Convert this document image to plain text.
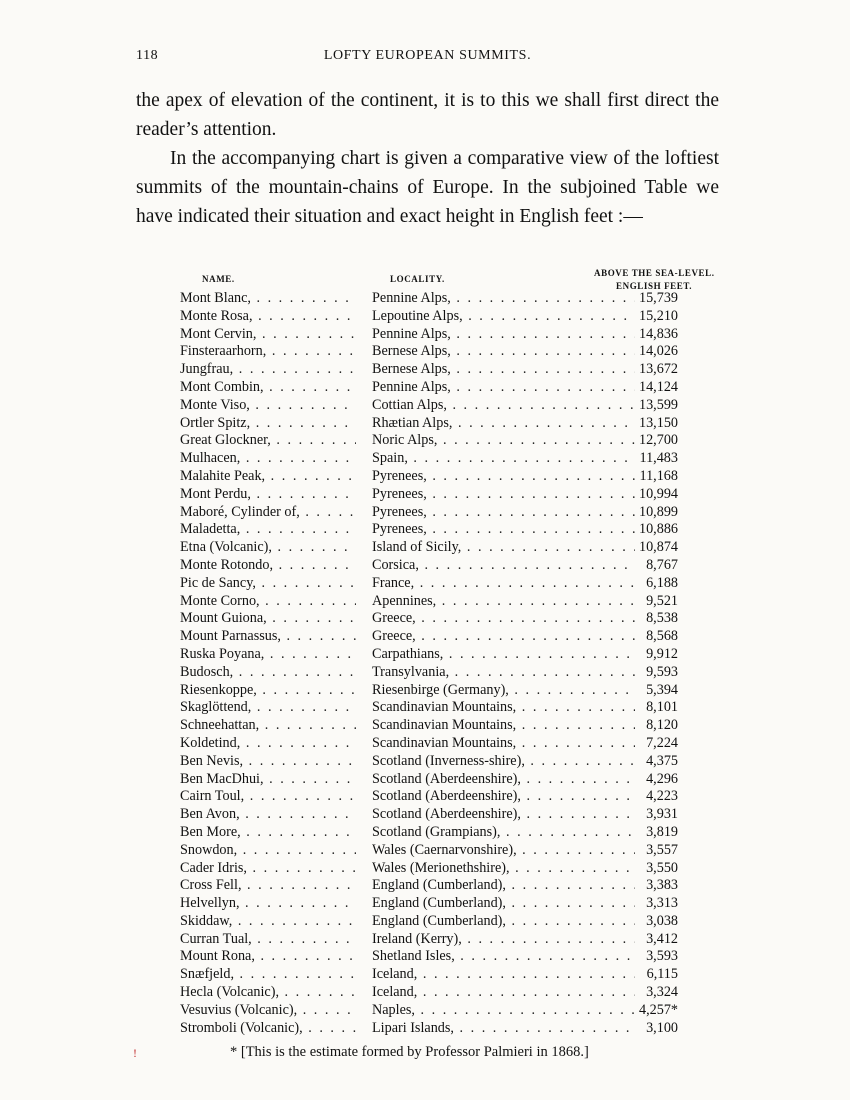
118	LOFTY EUROPEAN SUMMITS.

the apex of elevation of the continent, it is to this we shall first direct the reader’s attention.

In the accompanying chart is given a comparative view of the loftiest summits of the mountain-chains of Europe. In the subjoined Table we have indicated their situation and exact height in English feet :—

NAME.	LOCALITY.
ABOVE THE SEA-LEVEL.
ENGLISH FEET.
Mont Blanc, . . .	Pennine Alps, . . .	15,739
Monte Rosa, . . .	Lepoutine Alps, . . .	15,210
Mont Cervin, . . .	Pennine Alps, . . .	14,836
Finsteraarhorn, . . .	Bernese Alps, . . .	14,026
Jungfrau, . . .	Bernese Alps, . . .	13,672
Mont Combin, . . .	Pennine Alps, . . .	14,124
Monte Viso, . . .	Cottian Alps, . . .	13,599
Ortler Spitz, . . .	Rhætian Alps, . . .	13,150
Great Glockner, . . .	Noric Alps, . . .	12,700
Mulhacen, . . .	Spain, . . .	11,483
Malahite Peak, . . .	Pyrenees, . . .	11,168
Mont Perdu, . . .	Pyrenees, . . .	10,994
Maboré, Cylinder of, . . .	Pyrenees, . . .	10,899
Maladetta, . . .	Pyrenees, . . .	10,886
Etna (Volcanic), . . .	Island of Sicily, . . .	10,874
Monte Rotondo, . . .	Corsica, . . .	8,767
Pic de Sancy, . . .	France, . . .	6,188
Monte Corno, . . .	Apennines, . . .	9,521
Mount Guiona, . . .	Greece, . . .	8,538
Mount Parnassus, . . .	Greece, . . .	8,568
Ruska Poyana, . . .	Carpathians, . . .	9,912
Budosch, . . .	Transylvania, . . .	9,593
Riesenkoppe, . . .	Riesenbirge (Germany), . . .	5,394
Skaglöttend, . . .	Scandinavian Mountains, . . .	8,101
Schneehattan, . . .	Scandinavian Mountains, . . .	8,120
Koldetind, . . .	Scandinavian Mountains, . . .	7,224
Ben Nevis, . . .	Scotland (Inverness-shire), . . .	4,375
Ben MacDhui, . . .	Scotland (Aberdeenshire), . . .	4,296
Cairn Toul, . . .	Scotland (Aberdeenshire), . . .	4,223
Ben Avon, . . .	Scotland (Aberdeenshire), . . .	3,931
Ben More, . . .	Scotland (Grampians), . . .	3,819
Snowdon, . . .	Wales (Caernarvonshire), . . .	3,557
Cader Idris, . . .	Wales (Merionethshire), . . .	3,550
Cross Fell, . . .	England (Cumberland), . . .	3,383
Helvellyn, . . .	England (Cumberland), . . .	3,313
Skiddaw, . . .	England (Cumberland), . . .	3,038
Curran Tual, . . .	Ireland (Kerry), . . .	3,412
Mount Rona, . . .	Shetland Isles, . . .	3,593
Snæfjeld, . . .	Iceland, . . .	6,115
Hecla (Volcanic), . . .	Iceland, . . .	3,324
Vesuvius (Volcanic), . . .	Naples, . . .	4,257*
Stromboli (Volcanic), . . .	Lipari Islands, . . .	3,100
* [This is the estimate formed by Professor Palmieri in 1868.]
!
